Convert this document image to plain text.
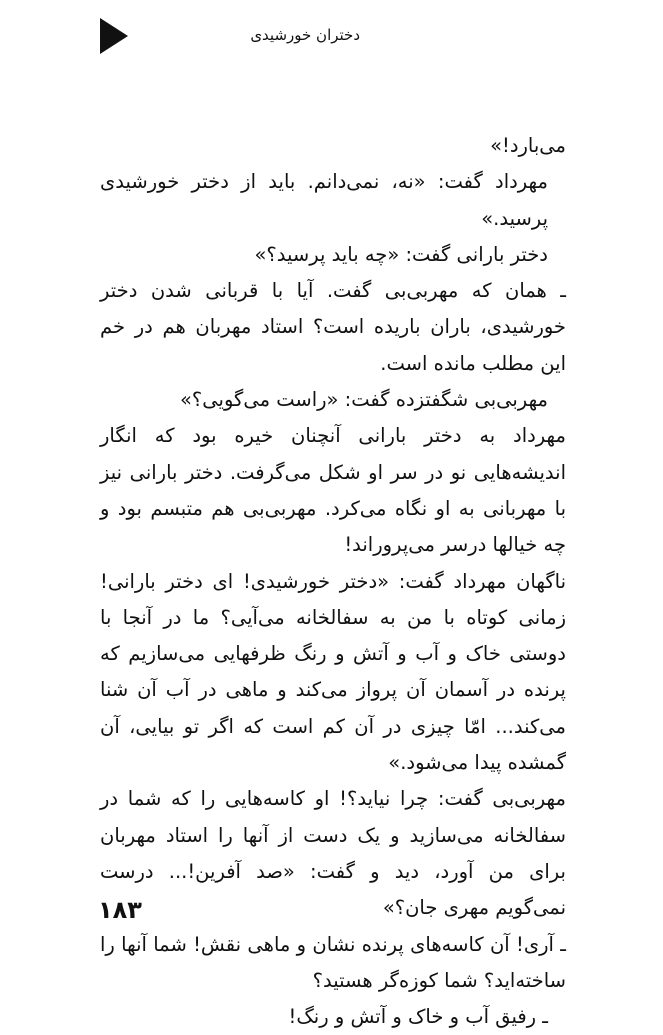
دختران خورشیدی

می‌بارد!»

مهرداد گفت: «نه، نمی‌دانم. باید از دختر خورشیدی پرسید.»

دختر بارانی گفت: «چه باید پرسید؟»

ـ همان که مهربی‌بی گفت. آیا با قربانی شدن دختر خورشیدی، باران باریده است؟ استاد مهربان هم در خم این مطلب مانده است.

مهربی‌بی شگفتزده گفت: «راست می‌گویی؟»

مهرداد به دختر بارانی آنچنان خیره بود که انگار اندیشه‌هایی نو در سر او شکل می‌گرفت. دختر بارانی نیز با مهربانی به او نگاه می‌کرد. مهربی‌بی هم متبسم بود و چه خیالها درسر می‌پروراند!

ناگهان مهرداد گفت: «دختر خورشیدی! ای دختر بارانی! زمانی کوتاه با من به سفالخانه می‌آیی؟ ما در آنجا با دوستی خاک و آب و آتش و رنگ ظرفهایی می‌سازیم که پرنده در آسمان آن پرواز می‌کند و ماهی در آب آن شنا می‌کند... امّا چیزی در آن کم است که اگر تو بیایی، آن گمشده پیدا می‌شود.»

مهربی‌بی گفت: چرا نیاید؟! او کاسه‌هایی را که شما در سفالخانه می‌سازید و یک دست از آنها را استاد مهربان برای من آورد، دید و گفت: «صد آفرین!... درست نمی‌گویم مهری جان؟»

ـ آری! آن کاسه‌های پرنده نشان و ماهی نقش! شما آنها را ساخته‌اید؟ شما کوزه‌گر هستید؟

ـ رفیق آب و خاک و آتش و رنگ!

۱۸۳
